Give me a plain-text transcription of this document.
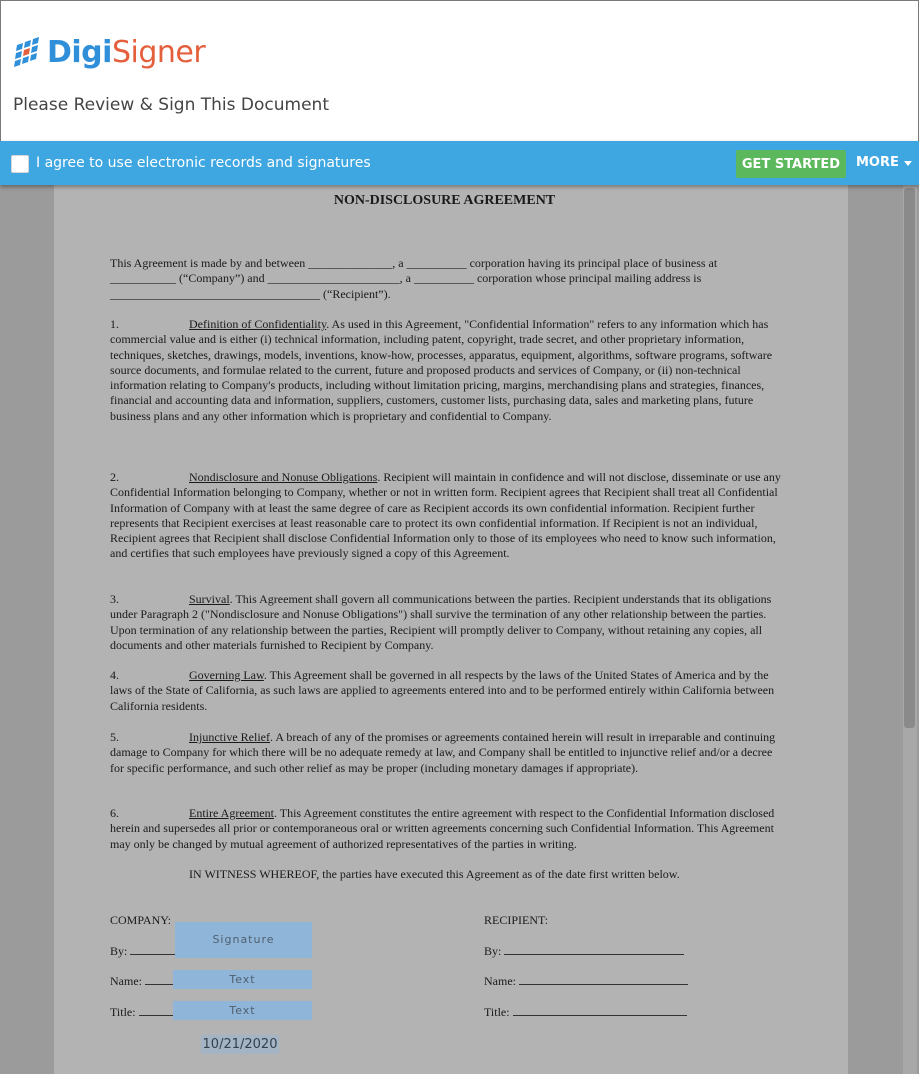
DigiSigner
Please Review & Sign This Document
I agree to use electronic records and signatures	GET STARTED	MORE
NON-DISCLOSURE AGREEMENT
This Agreement is made by and between ______________, a __________ corporation having its principal place of business at
___________ (“Company”) and ______________________, a __________ corporation whose principal mailing address is
___________________________________ (“Recipient”).

1.	Definition of Confidentiality. As used in this Agreement, "Confidential Information" refers to any information which has commercial value and is either (i) technical information, including patent, copyright, trade secret, and other proprietary information, techniques, sketches, drawings, models, inventions, know-how, processes, apparatus, equipment, algorithms, software programs, software source documents, and formulae related to the current, future and proposed products and services of Company, or (ii) non-technical information relating to Company's products, including without limitation pricing, margins, merchandising plans and strategies, finances, financial and accounting data and information, suppliers, customers, customer lists, purchasing data, sales and marketing plans, future business plans and any other information which is proprietary and confidential to Company.

2.	Nondisclosure and Nonuse Obligations. Recipient will maintain in confidence and will not disclose, disseminate or use any Confidential Information belonging to Company, whether or not in written form. Recipient agrees that Recipient shall treat all Confidential Information of Company with at least the same degree of care as Recipient accords its own confidential information. Recipient further represents that Recipient exercises at least reasonable care to protect its own confidential information. If Recipient is not an individual, Recipient agrees that Recipient shall disclose Confidential Information only to those of its employees who need to know such information, and certifies that such employees have previously signed a copy of this Agreement.

3.	Survival. This Agreement shall govern all communications between the parties. Recipient understands that its obligations under Paragraph 2 ("Nondisclosure and Nonuse Obligations") shall survive the termination of any other relationship between the parties. Upon termination of any relationship between the parties, Recipient will promptly deliver to Company, without retaining any copies, all documents and other materials furnished to Recipient by Company.

4.	Governing Law. This Agreement shall be governed in all respects by the laws of the United States of America and by the laws of the State of California, as such laws are applied to agreements entered into and to be performed entirely within California between California residents.

5.	Injunctive Relief. A breach of any of the promises or agreements contained herein will result in irreparable and continuing damage to Company for which there will be no adequate remedy at law, and Company shall be entitled to injunctive relief and/or a decree for specific performance, and such other relief as may be proper (including monetary damages if appropriate).

6.	Entire Agreement. This Agreement constitutes the entire agreement with respect to the Confidential Information disclosed herein and supersedes all prior or contemporaneous oral or written agreements concerning such Confidential Information. This Agreement may only be changed by mutual agreement of authorized representatives of the parties in writing.

IN WITNESS WHEREOF, the parties have executed this Agreement as of the date first written below.

COMPANY:
By:
Name:
Title:
RECIPIENT:
By:
Name:
Title:
Signature
Text
Text
10/21/2020
